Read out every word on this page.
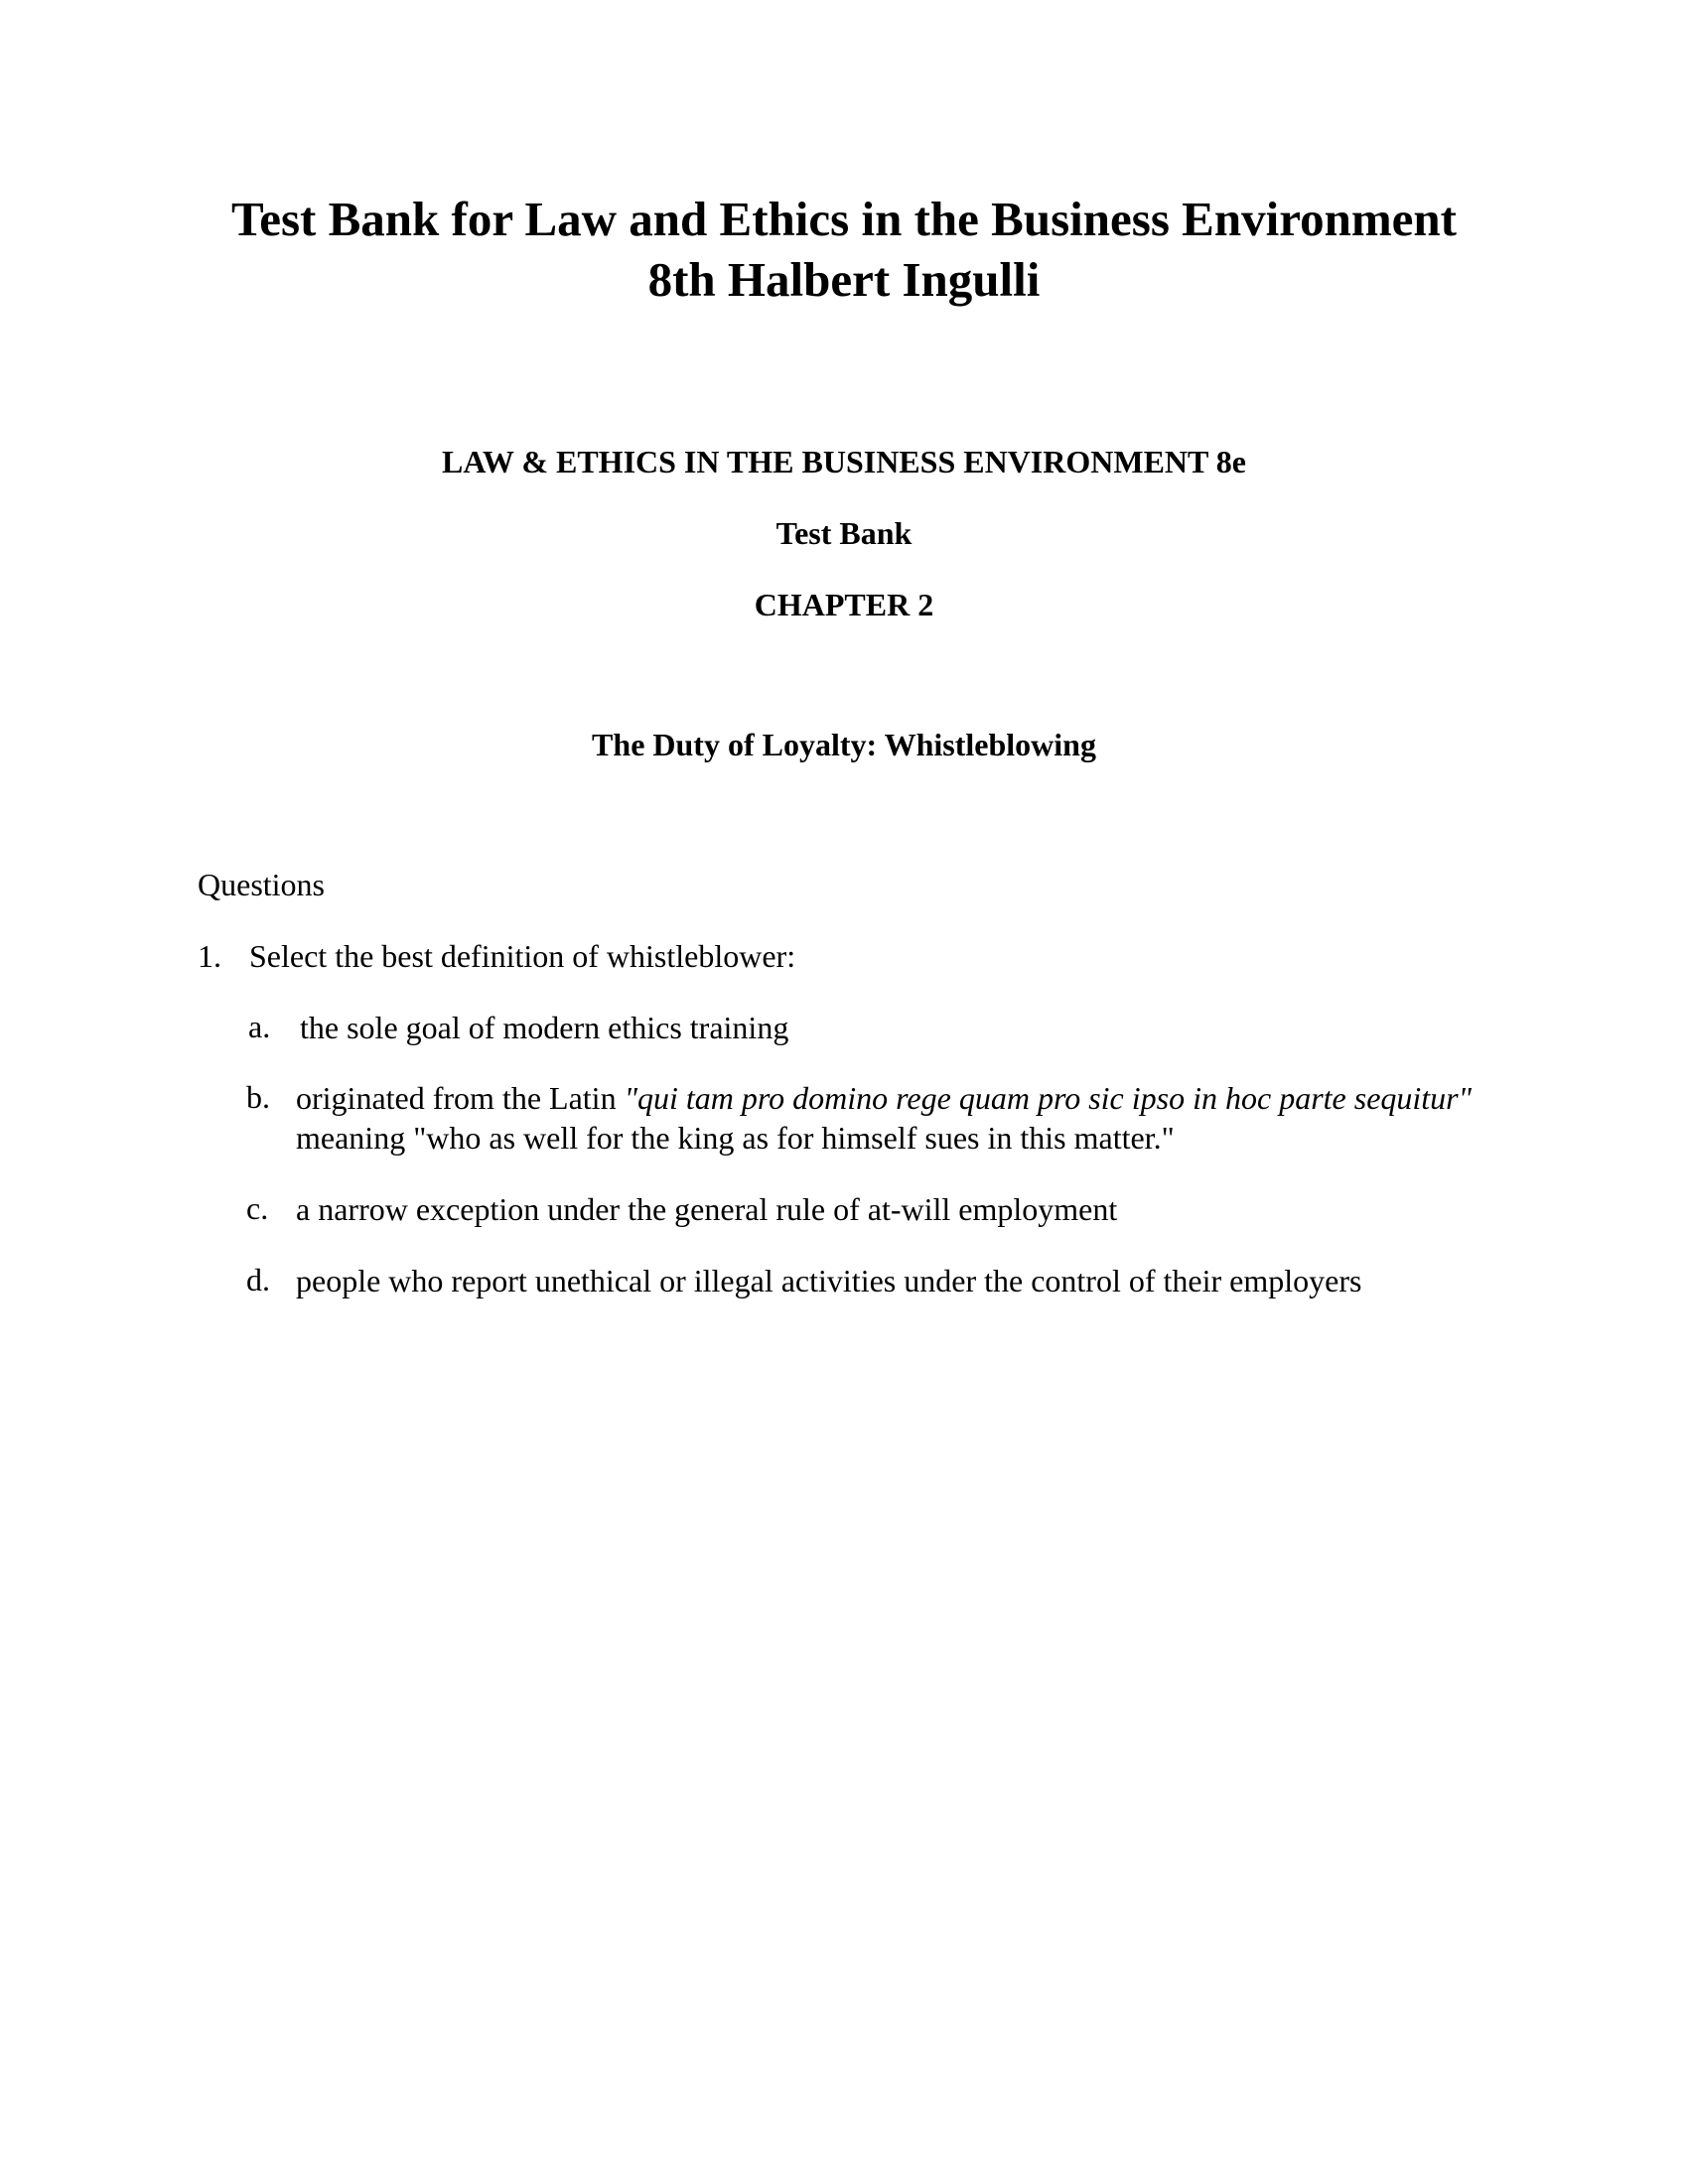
Test Bank for Law and Ethics in the Business Environment
8th Halbert Ingulli

LAW & ETHICS IN THE BUSINESS ENVIRONMENT 8e

Test Bank

CHAPTER 2

The Duty of Loyalty: Whistleblowing

Questions

1. Select the best definition of whistleblower:
a. the sole goal of modern ethics training
b. originated from the Latin "qui tam pro domino rege quam pro sic ipso in hoc parte sequitur" meaning "who as well for the king as for himself sues in this matter."
c. a narrow exception under the general rule of at-will employment
d. people who report unethical or illegal activities under the control of their employers
